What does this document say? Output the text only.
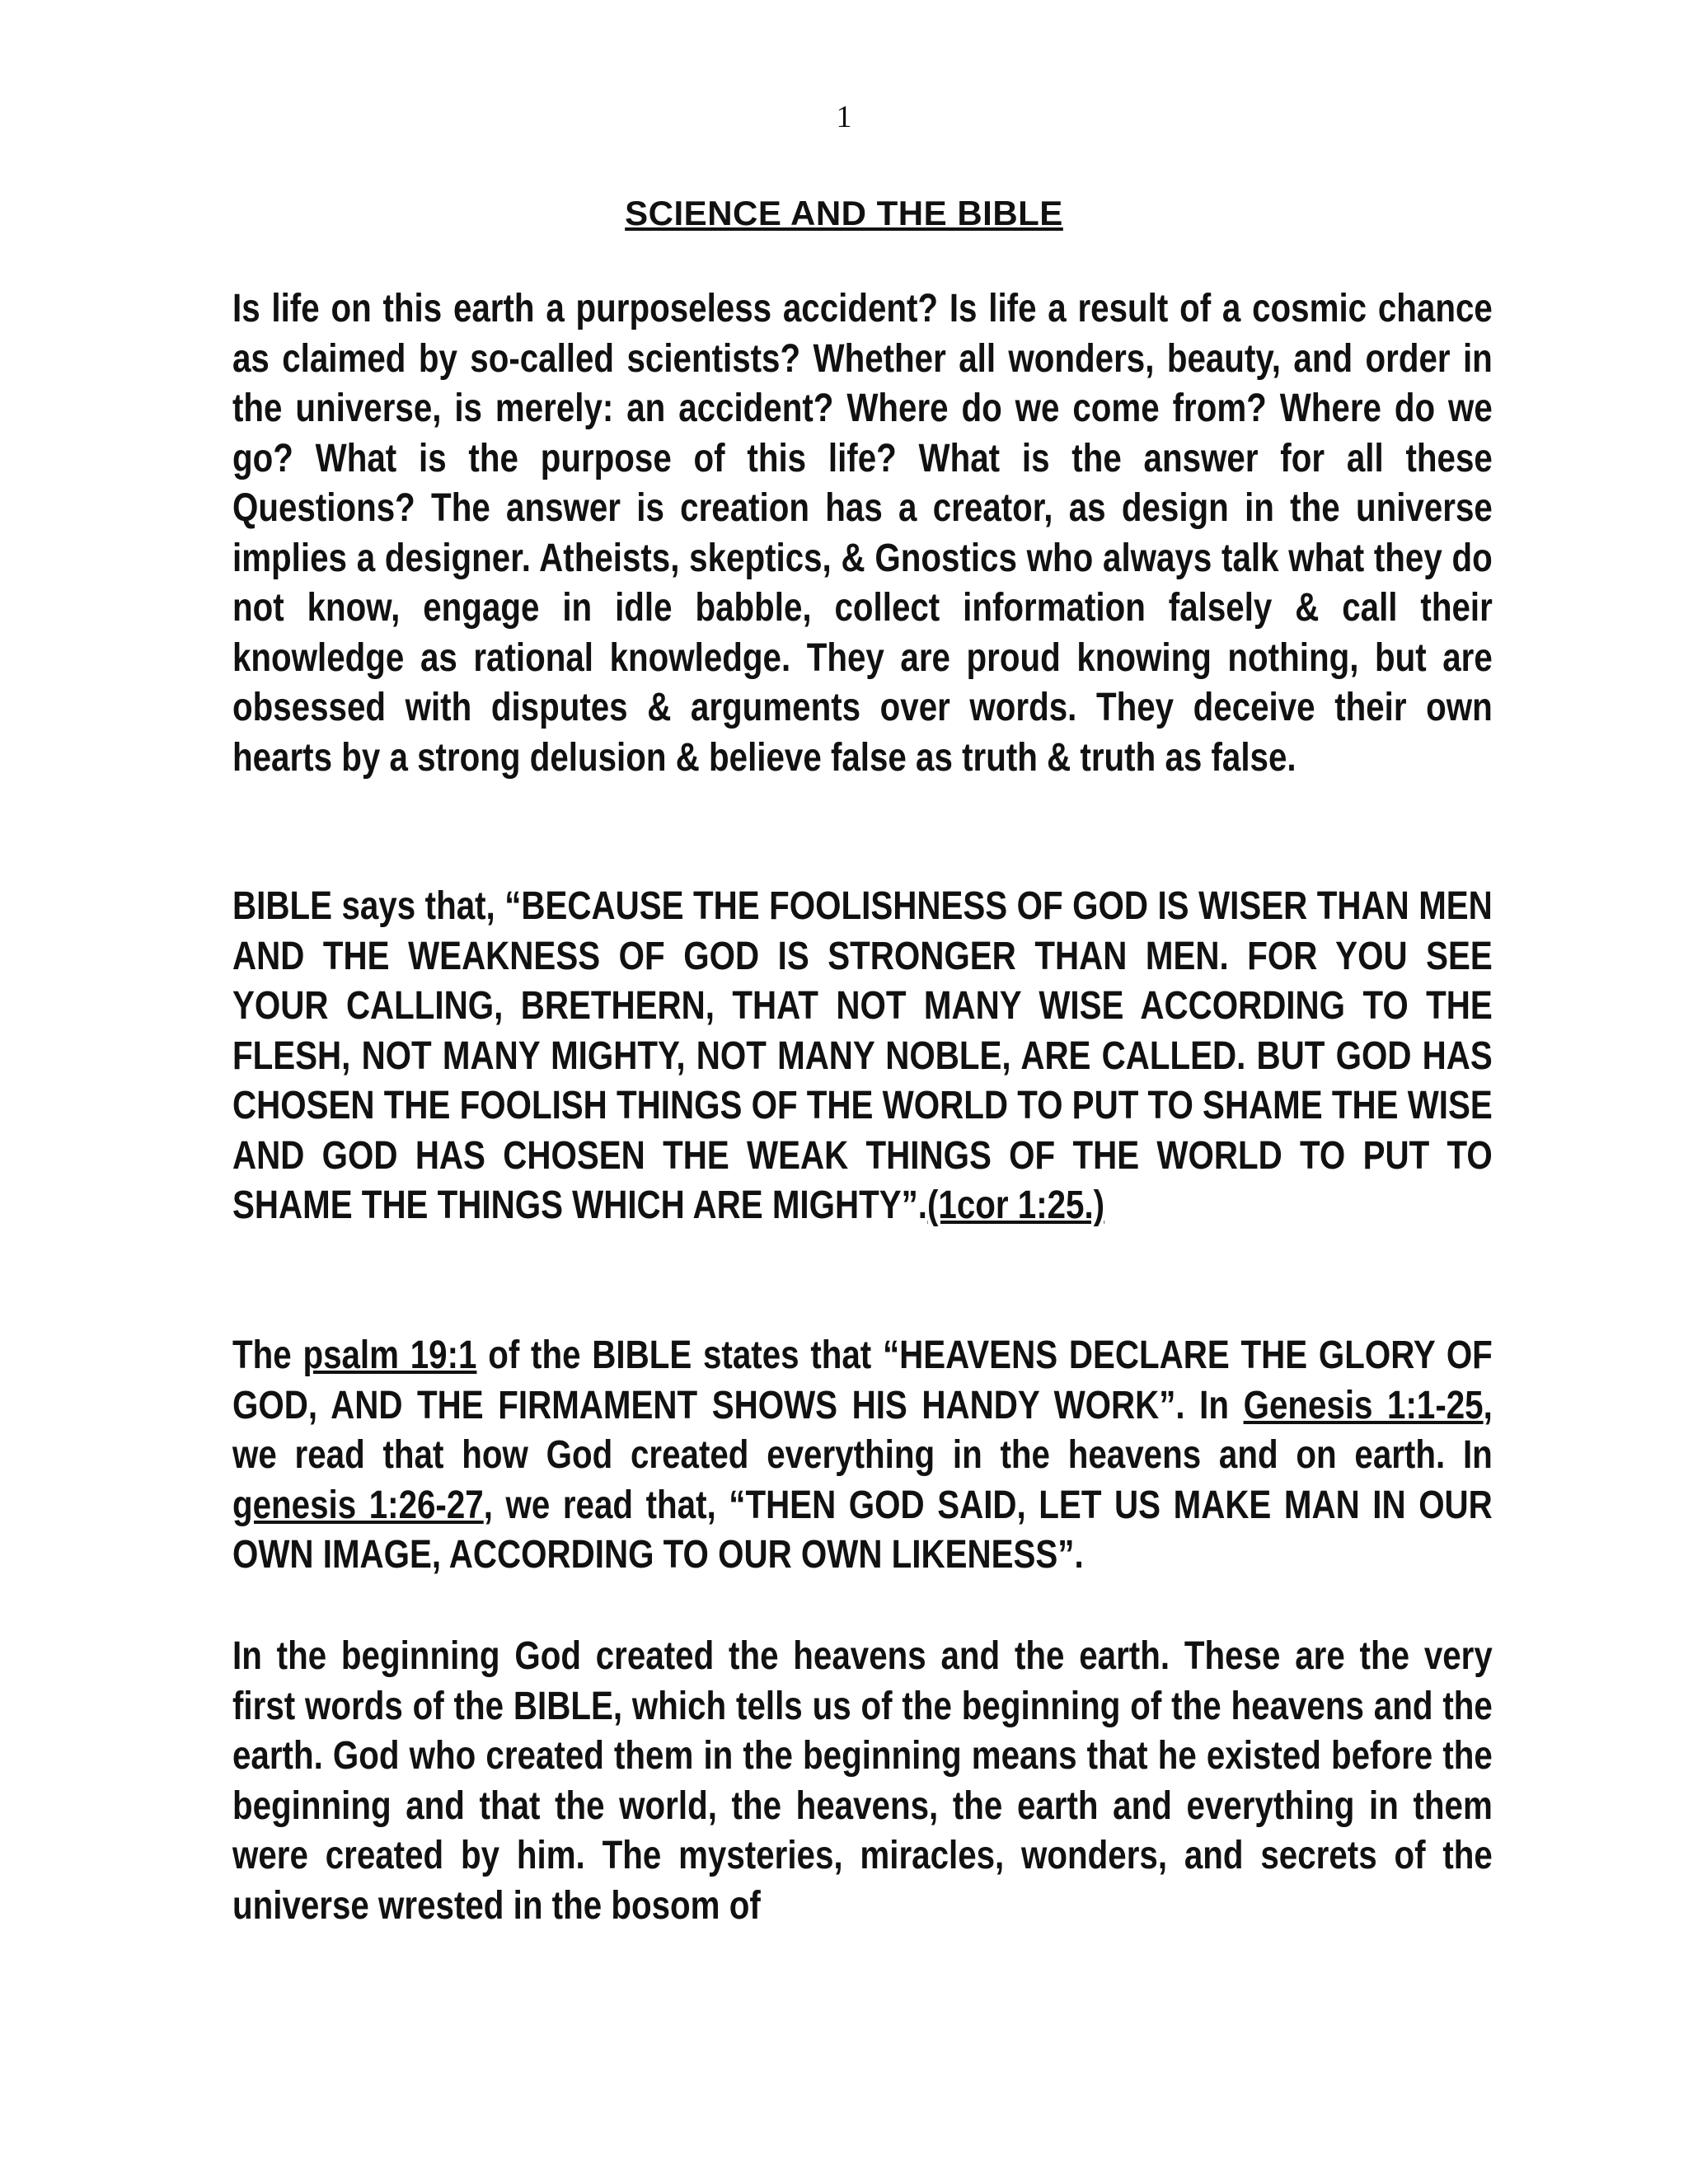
1
SCIENCE AND THE BIBLE
Is life on this earth a purposeless accident? Is life a result of a cosmic chance as claimed by so-called scientists? Whether all wonders, beauty, and order in the universe, is merely: an accident? Where do we come from? Where do we go? What is the purpose of this life? What is the answer for all these Questions? The answer is creation has a creator, as design in the universe implies a designer. Atheists, skeptics, & Gnostics who always talk what they do not know, engage in idle babble, collect information falsely & call their knowledge as rational knowledge. They are proud knowing nothing, but are obsessed with disputes & arguments over words. They deceive their own hearts by a strong delusion & believe false as truth & truth as false.
BIBLE says that, “BECAUSE THE FOOLISHNESS OF GOD IS WISER THAN MEN AND THE WEAKNESS OF GOD IS STRONGER THAN MEN. FOR YOU SEE YOUR CALLING, BRETHERN, THAT NOT MANY WISE ACCORDING TO THE FLESH, NOT MANY MIGHTY, NOT MANY NOBLE, ARE CALLED. BUT GOD HAS CHOSEN THE FOOLISH THINGS OF THE WORLD TO PUT TO SHAME THE WISE AND GOD HAS CHOSEN THE WEAK THINGS OF THE WORLD TO PUT TO SHAME THE THINGS WHICH ARE MIGHTY”.(1cor 1:25.)
The psalm 19:1 of the BIBLE states that “HEAVENS DECLARE THE GLORY OF GOD, AND THE FIRMAMENT SHOWS HIS HANDY WORK”. In Genesis 1:1-25, we read that how God created everything in the heavens and on earth. In genesis 1:26-27, we read that, “THEN GOD SAID, LET US MAKE MAN IN OUR OWN IMAGE, ACCORDING TO OUR OWN LIKENESS”.
In the beginning God created the heavens and the earth. These are the very first words of the BIBLE, which tells us of the beginning of the heavens and the earth. God who created them in the beginning means that he existed before the beginning and that the world, the heavens, the earth and everything in them were created by him. The mysteries, miracles, wonders, and secrets of the universe wrested in the bosom of
